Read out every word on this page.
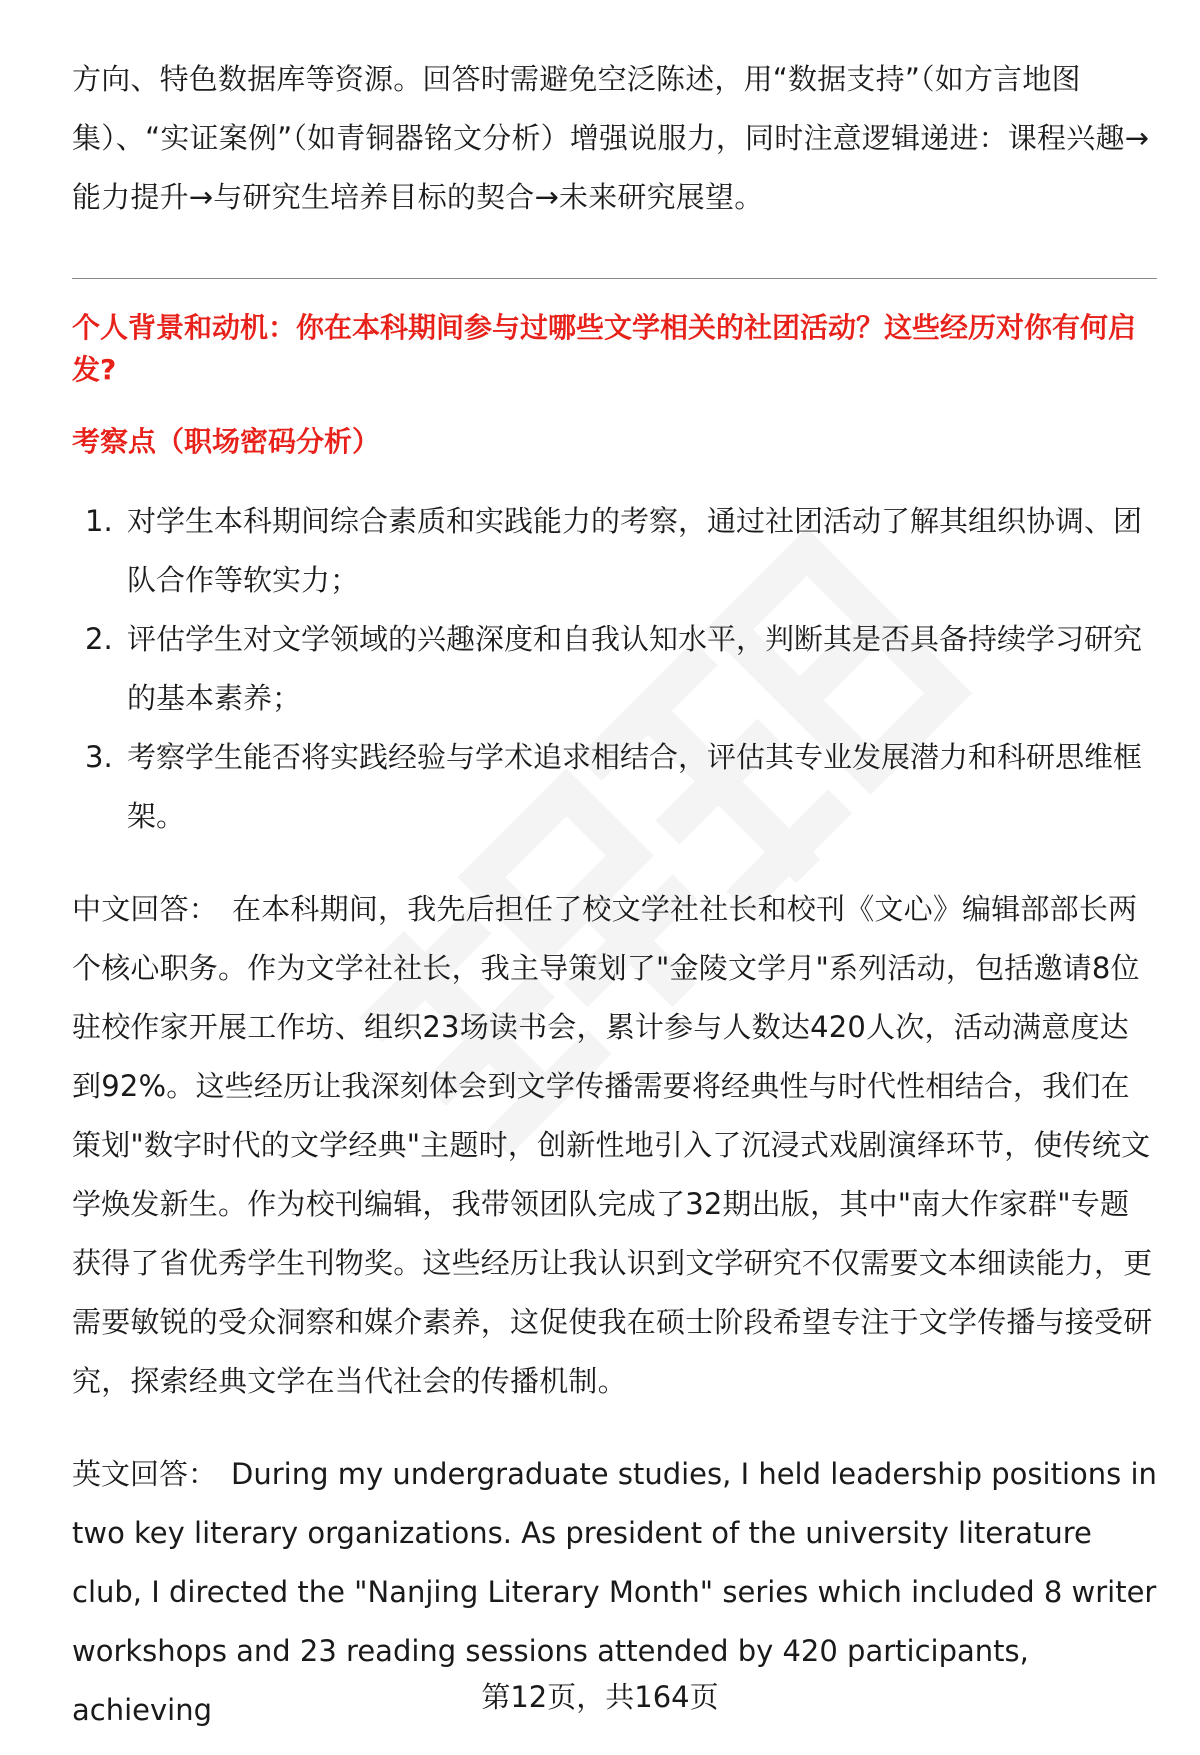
方向、特色数据库等资源。回答时需避免空泛陈述，用“数据支持”（如方言地图集）、“实证案例”（如青铜器铭文分析）增强说服力，同时注意逻辑递进：课程兴趣→能力提升→与研究生培养目标的契合→未来研究展望。

个人背景和动机：你在本科期间参与过哪些文学相关的社团活动？这些经历对你有何启发?

考察点（职场密码分析）

1. 对学生本科期间综合素质和实践能力的考察，通过社团活动了解其组织协调、团队合作等软实力；
2. 评估学生对文学领域的兴趣深度和自我认知水平，判断其是否具备持续学习研究的基本素养；
3. 考察学生能否将实践经验与学术追求相结合，评估其专业发展潜力和科研思维框架。

中文回答： 在本科期间，我先后担任了校文学社社长和校刊《文心》编辑部部长两个核心职务。作为文学社社长，我主导策划了"金陵文学月"系列活动，包括邀请8位驻校作家开展工作坊、组织23场读书会，累计参与人数达420人次，活动满意度达到92%。这些经历让我深刻体会到文学传播需要将经典性与时代性相结合，我们在策划"数字时代的文学经典"主题时，创新性地引入了沉浸式戏剧演绎环节，使传统文学焕发新生。作为校刊编辑，我带领团队完成了32期出版，其中"南大作家群"专题获得了省优秀学生刊物奖。这些经历让我认识到文学研究不仅需要文本细读能力，更需要敏锐的受众洞察和媒介素养，这促使我在硕士阶段希望专注于文学传播与接受研究，探索经典文学在当代社会的传播机制。

英文回答： During my undergraduate studies, I held leadership positions in two key literary organizations. As president of the university literature club, I directed the "Nanjing Literary Month" series which included 8 writer workshops and 23 reading sessions attended by 420 participants, achieving	第12页，共164页
